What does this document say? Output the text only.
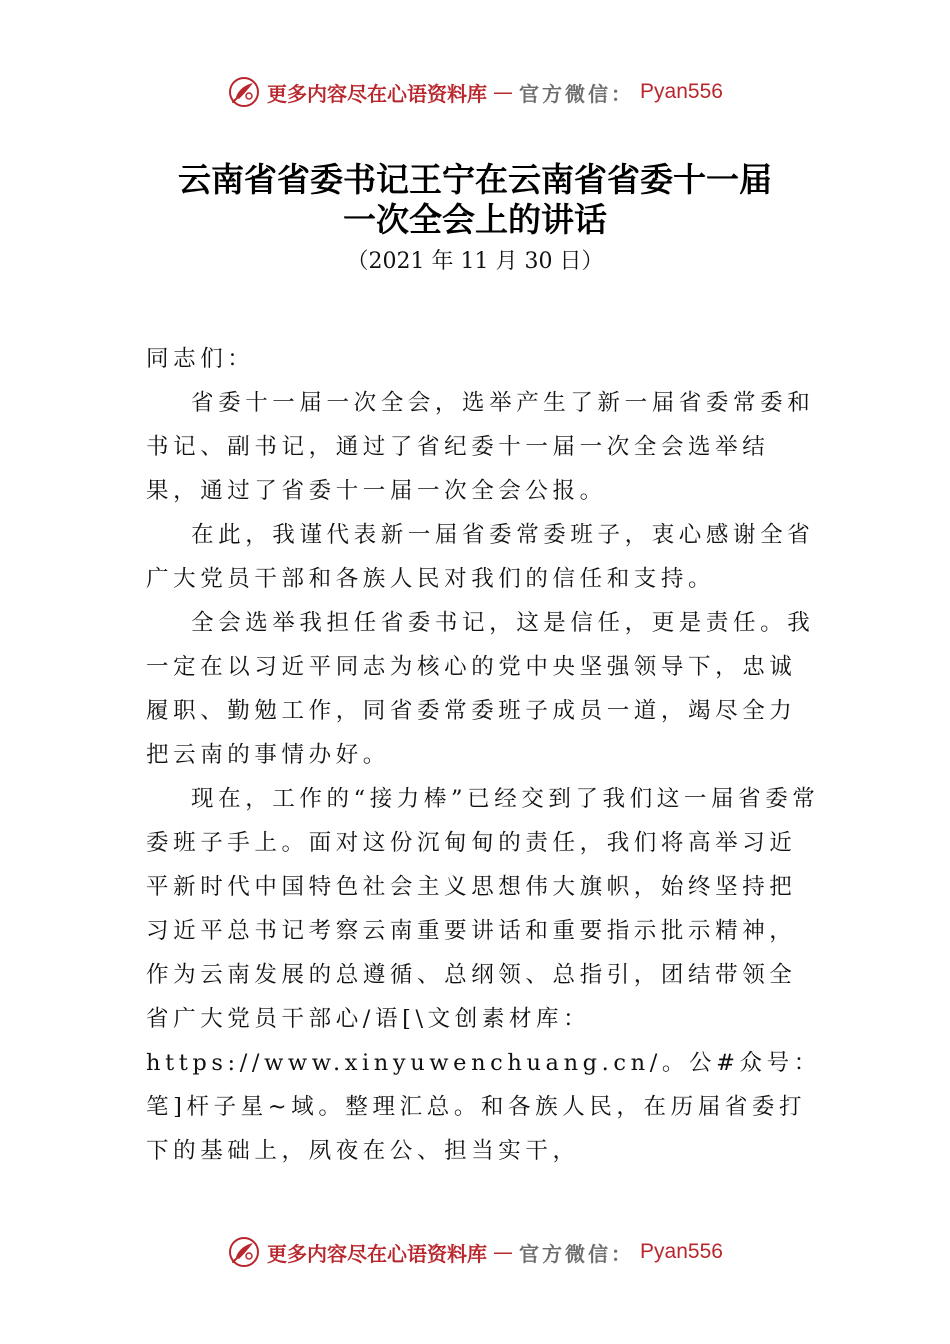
更多内容尽在心语资料库 — 官方微信： Pyan556
云南省省委书记王宁在云南省省委十一届
一次全会上的讲话
（2021 年 11 月 30 日）

同志们：

省委十一届一次全会，选举产生了新一届省委常委和书记、副书记，通过了省纪委十一届一次全会选举结果，通过了省委十一届一次全会公报。

在此，我谨代表新一届省委常委班子，衷心感谢全省广大党员干部和各族人民对我们的信任和支持。

全会选举我担任省委书记，这是信任，更是责任。我一定在以习近平同志为核心的党中央坚强领导下，忠诚履职、勤勉工作，同省委常委班子成员一道，竭尽全力把云南的事情办好。

现在，工作的“接力棒”已经交到了我们这一届省委常委班子手上。面对这份沉甸甸的责任，我们将高举习近平新时代中国特色社会主义思想伟大旗帜，始终坚持把习近平总书记考察云南重要讲话和重要指示批示精神，作为云南发展的总遵循、总纲领、总指引，团结带领全省广大党员干部心/语[\文创素材库：https://www.xinyuwenchuang.cn/。公#众号：笔]杆子星~域。整理汇总。和各族人民，在历届省委打下的基础上，夙夜在公、担当实干，

更多内容尽在心语资料库 — 官方微信： Pyan556
